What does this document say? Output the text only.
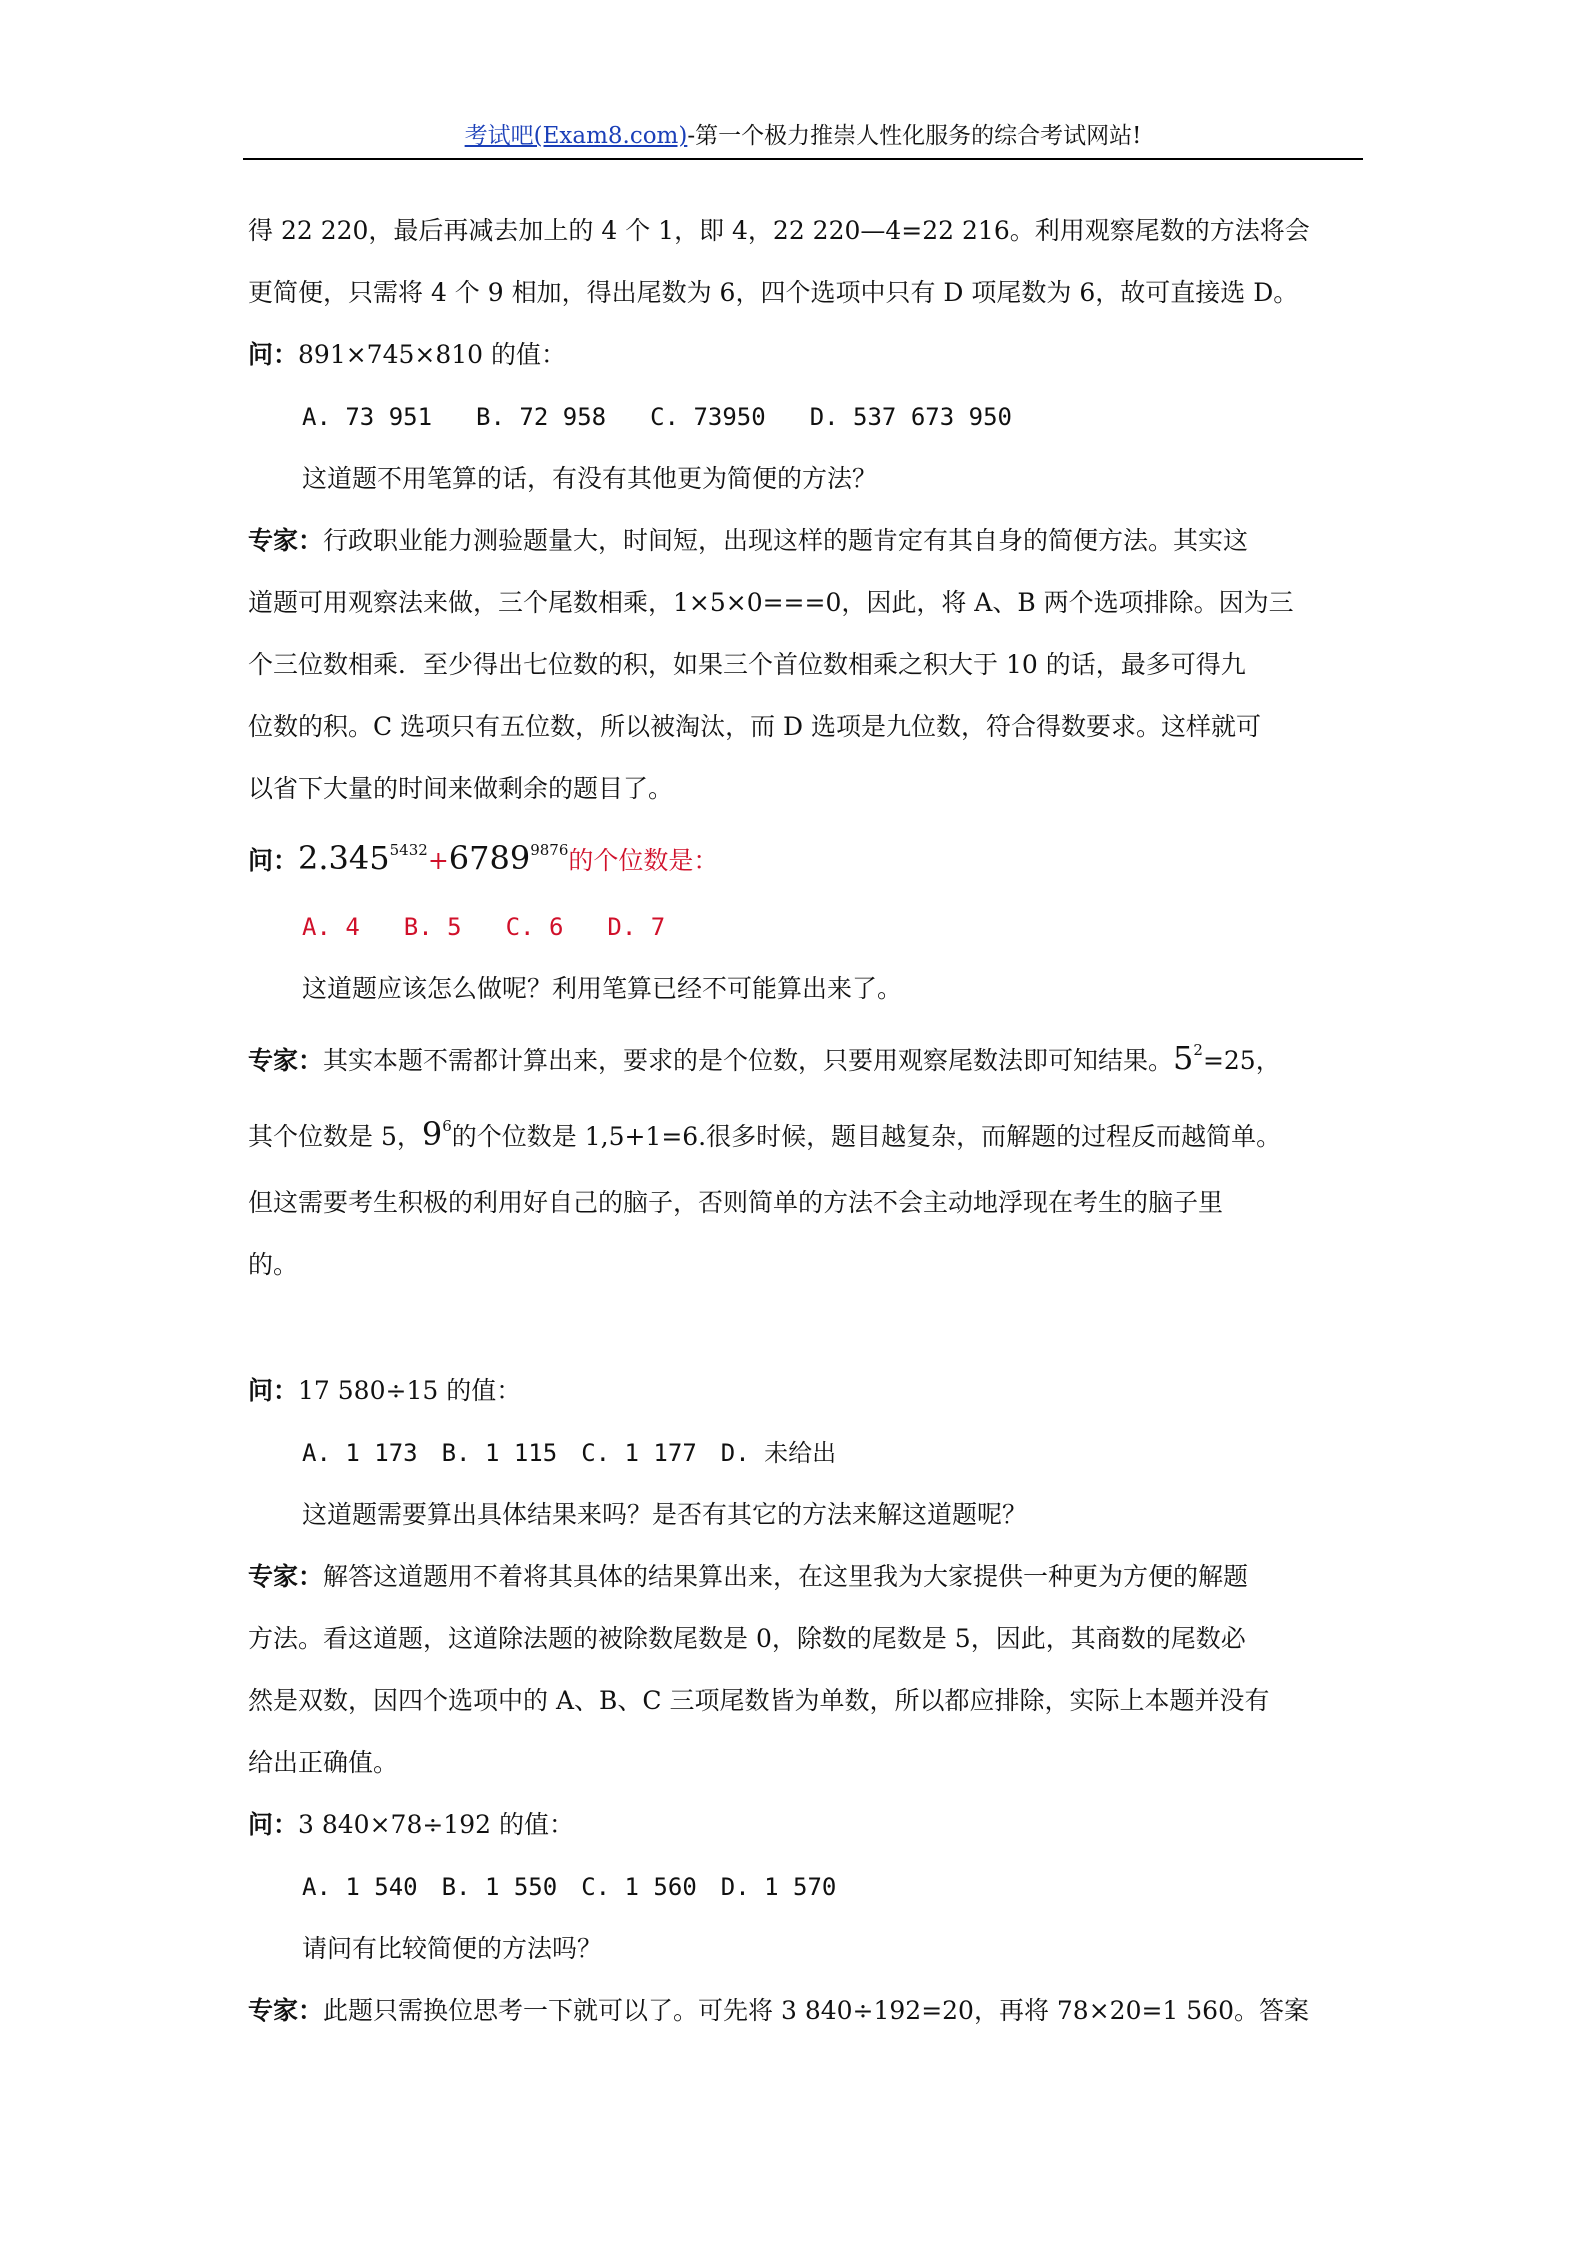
考试吧(Exam8.com)-第一个极力推崇人性化服务的综合考试网站!
得 22 220，最后再减去加上的 4 个 1，即 4，22 220—4=22 216。利用观察尾数的方法将会
更简便，只需将 4 个 9 相加，得出尾数为 6，四个选项中只有 D 项尾数为 6，故可直接选 D。
问：891×745×810 的值：
A. 73 951 B. 72 958 C. 73950 D. 537 673 950
这道题不用笔算的话，有没有其他更为简便的方法？
专家：行政职业能力测验题量大，时间短，出现这样的题肯定有其自身的简便方法。其实这
道题可用观察法来做，三个尾数相乘，1×5×0===0，因此，将 A、B 两个选项排除。因为三
个三位数相乘．至少得出七位数的积，如果三个首位数相乘之积大于 10 的话，最多可得九
位数的积。C 选项只有五位数，所以被淘汰，而 D 选项是九位数，符合得数要求。这样就可
以省下大量的时间来做剩余的题目了。
问：$2.345^{5432}+6789^{9876}$的个位数是：
A. 4 B. 5 C. 6 D. 7
这道题应该怎么做呢？利用笔算已经不可能算出来了。
专家：其实本题不需都计算出来，要求的是个位数，只要用观察尾数法即可知结果。$5^2=25$，
其个位数是 5，$9^6$的个位数是 1,5+1=6.很多时候，题目越复杂，而解题的过程反而越简单。
但这需要考生积极的利用好自己的脑子，否则简单的方法不会主动地浮现在考生的脑子里
的。
问：17 580÷15 的值：
A. 1 173 B. 1 115 C. 1 177 D. 未给出
这道题需要算出具体结果来吗？是否有其它的方法来解这道题呢？
专家：解答这道题用不着将其具体的结果算出来，在这里我为大家提供一种更为方便的解题
方法。看这道题，这道除法题的被除数尾数是 0，除数的尾数是 5，因此，其商数的尾数必
然是双数，因四个选项中的 A、B、C 三项尾数皆为单数，所以都应排除，实际上本题并没有
给出正确值。
问：3 840×78÷192 的值：
A. 1 540 B. 1 550 C. 1 560 D. 1 570
请问有比较简便的方法吗？
专家：此题只需换位思考一下就可以了。可先将 3 840÷192=20，再将 78×20=1 560。答案
